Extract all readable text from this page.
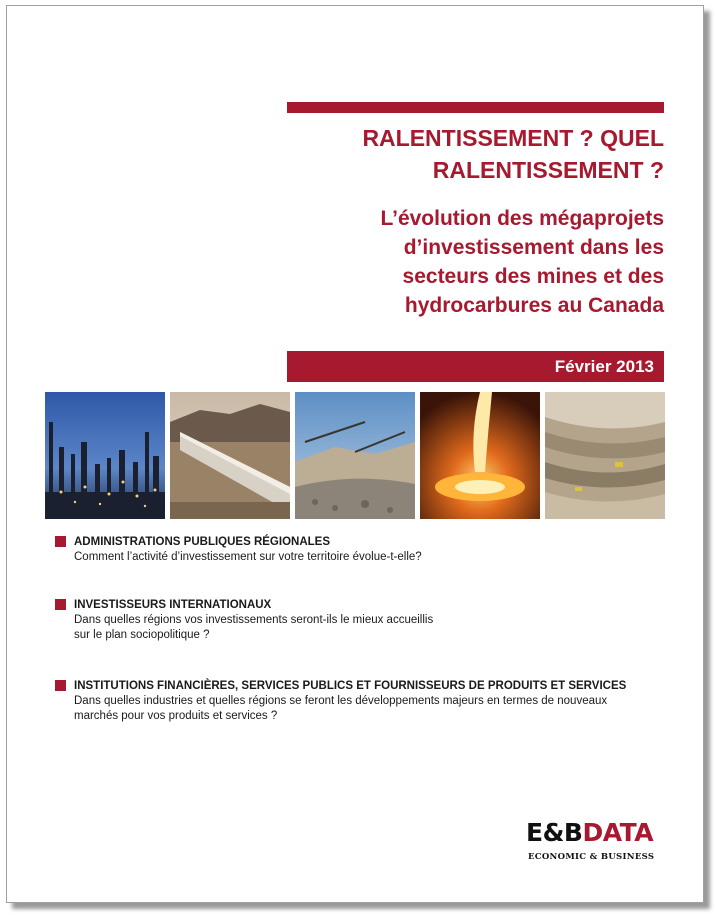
RALENTISSEMENT ? QUEL
RALENTISSEMENT ?
L’évolution des mégaprojets
d’investissement dans les
secteurs des mines et des
hydrocarbures au Canada
Février 2013
ADMINISTRATIONS PUBLIQUES RÉGIONALES
Comment l’activité d’investissement sur votre territoire évolue-t-elle?
INVESTISSEURS INTERNATIONAUX
Dans quelles régions vos investissements seront-ils le mieux accueillis
sur le plan sociopolitique ?
INSTITUTIONS FINANCIÈRES, SERVICES PUBLICS ET FOURNISSEURS DE PRODUITS ET SERVICES
Dans quelles industries et quelles régions se feront les développements majeurs en termes de nouveaux
marchés pour vos produits et services ?
E&BDATA
ECONOMIC & BUSINESS
